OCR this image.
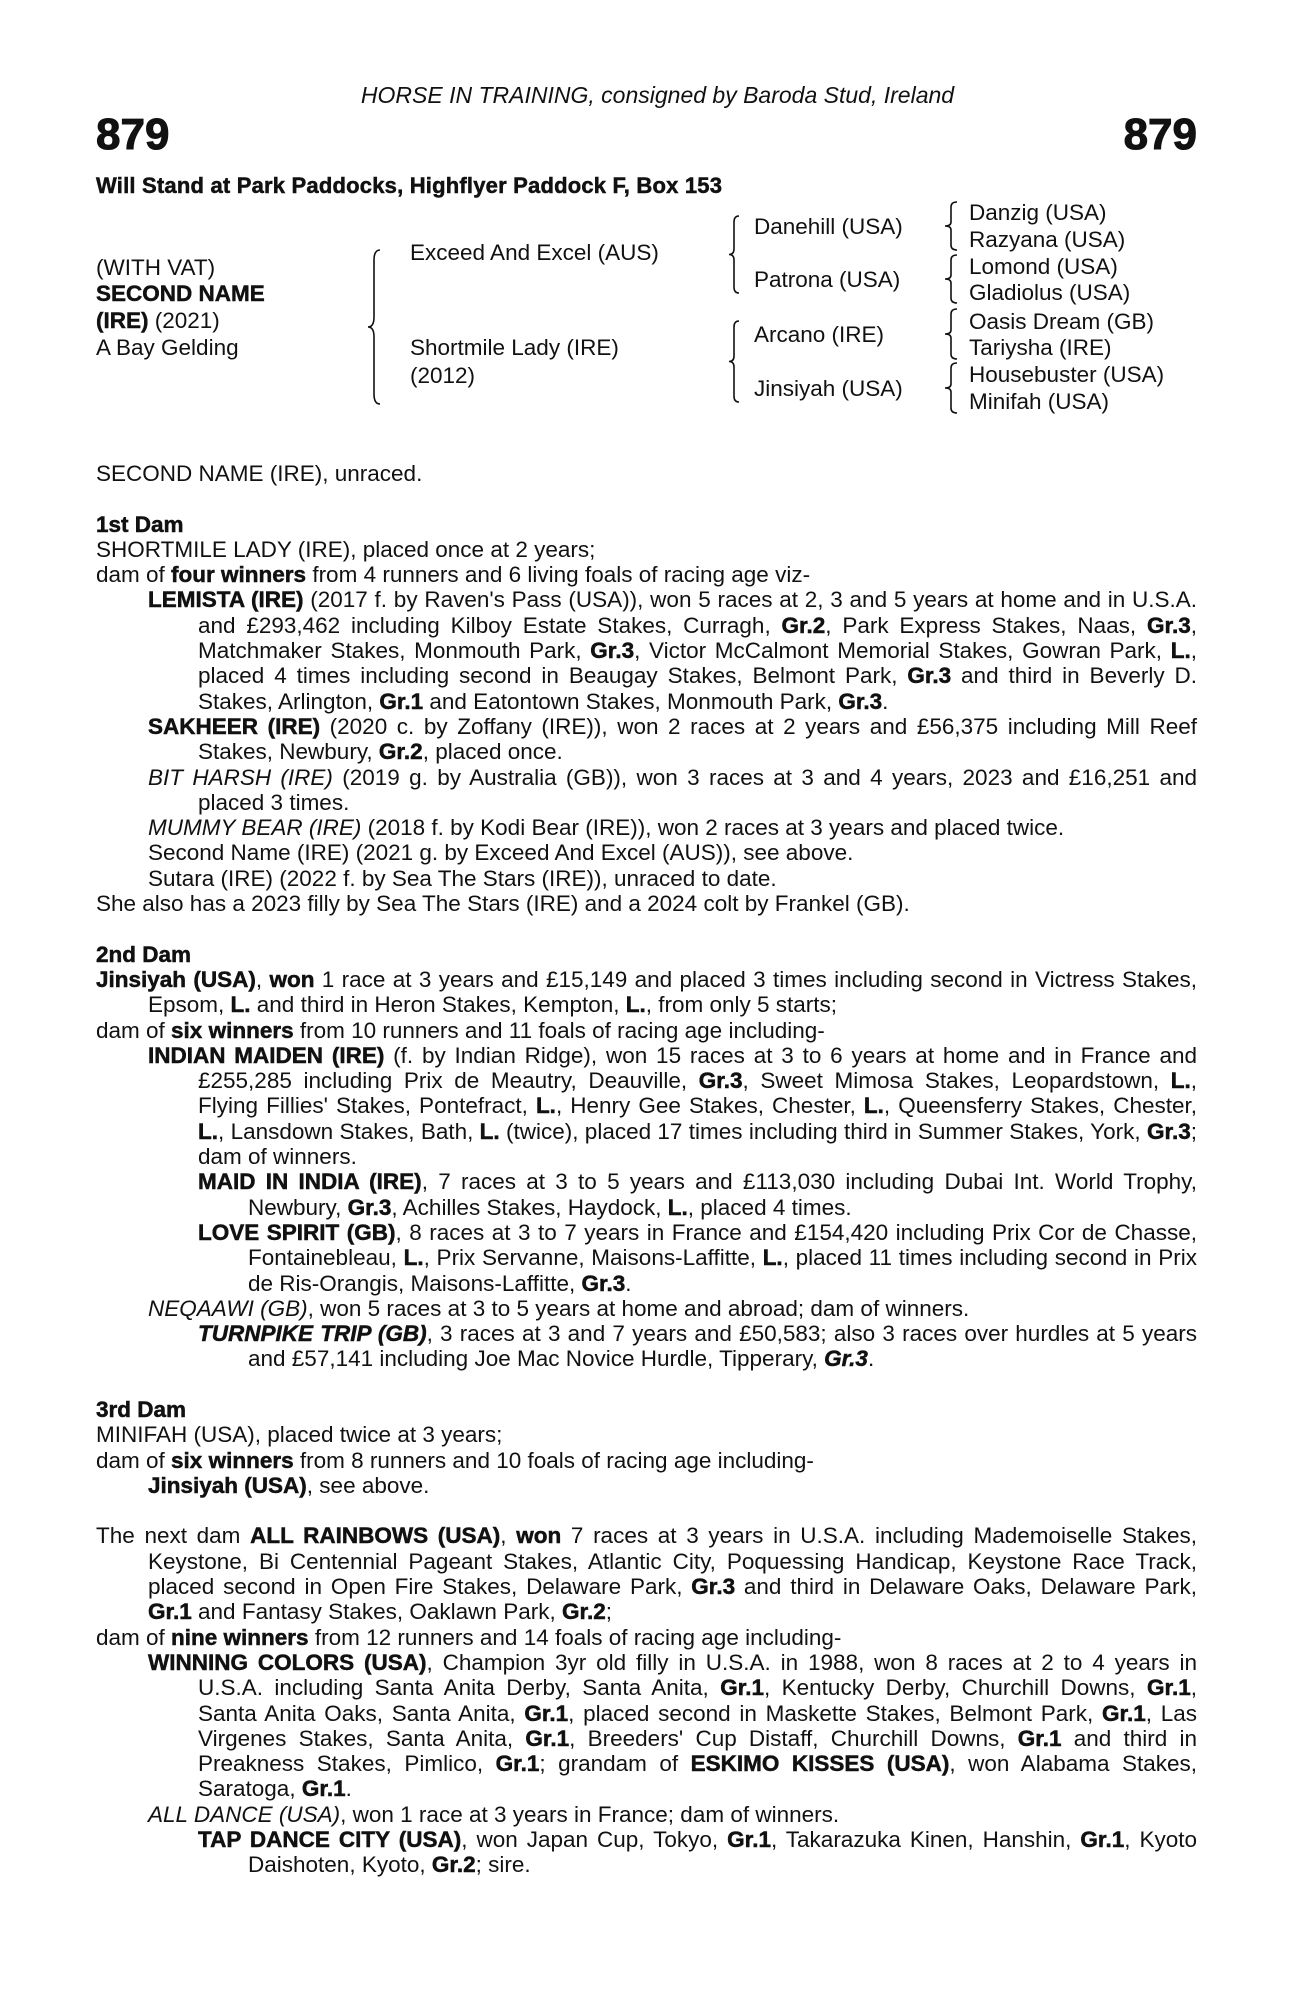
HORSE IN TRAINING, consigned by Baroda Stud, Ireland
879	879
Will Stand at Park Paddocks, Highflyer Paddock F, Box 153
(WITH VAT)
SECOND NAME
(IRE) (2021)
A Bay Gelding
Exceed And Excel (AUS)
Shortmile Lady (IRE)
(2012)
Danehill (USA)
Patrona (USA)
Arcano (IRE)
Jinsiyah (USA)
Danzig (USA)
Razyana (USA)
Lomond (USA)
Gladiolus (USA)
Oasis Dream (GB)
Tariysha (IRE)
Housebuster (USA)
Minifah (USA)
SECOND NAME (IRE), unraced.
1st Dam
SHORTMILE LADY (IRE), placed once at 2 years;
dam of four winners from 4 runners and 6 living foals of racing age viz-
LEMISTA (IRE) (2017 f. by Raven's Pass (USA)), won 5 races at 2, 3 and 5 years at home and in U.S.A. and £293,462 including Kilboy Estate Stakes, Curragh, Gr.2, Park Express Stakes, Naas, Gr.3, Matchmaker Stakes, Monmouth Park, Gr.3, Victor McCalmont Memorial Stakes, Gowran Park, L., placed 4 times including second in Beaugay Stakes, Belmont Park, Gr.3 and third in Beverly D. Stakes, Arlington, Gr.1 and Eatontown Stakes, Monmouth Park, Gr.3.
SAKHEER (IRE) (2020 c. by Zoffany (IRE)), won 2 races at 2 years and £56,375 including Mill Reef Stakes, Newbury, Gr.2, placed once.
BIT HARSH (IRE) (2019 g. by Australia (GB)), won 3 races at 3 and 4 years, 2023 and £16,251 and placed 3 times.
MUMMY BEAR (IRE) (2018 f. by Kodi Bear (IRE)), won 2 races at 3 years and placed twice.
Second Name (IRE) (2021 g. by Exceed And Excel (AUS)), see above.
Sutara (IRE) (2022 f. by Sea The Stars (IRE)), unraced to date.
She also has a 2023 filly by Sea The Stars (IRE) and a 2024 colt by Frankel (GB).
2nd Dam
Jinsiyah (USA), won 1 race at 3 years and £15,149 and placed 3 times including second in Victress Stakes, Epsom, L. and third in Heron Stakes, Kempton, L., from only 5 starts;
dam of six winners from 10 runners and 11 foals of racing age including-
INDIAN MAIDEN (IRE) (f. by Indian Ridge), won 15 races at 3 to 6 years at home and in France and £255,285 including Prix de Meautry, Deauville, Gr.3, Sweet Mimosa Stakes, Leopardstown, L., Flying Fillies' Stakes, Pontefract, L., Henry Gee Stakes, Chester, L., Queensferry Stakes, Chester, L., Lansdown Stakes, Bath, L. (twice), placed 17 times including third in Summer Stakes, York, Gr.3; dam of winners.
MAID IN INDIA (IRE), 7 races at 3 to 5 years and £113,030 including Dubai Int. World Trophy, Newbury, Gr.3, Achilles Stakes, Haydock, L., placed 4 times.
LOVE SPIRIT (GB), 8 races at 3 to 7 years in France and £154,420 including Prix Cor de Chasse, Fontainebleau, L., Prix Servanne, Maisons-Laffitte, L., placed 11 times including second in Prix de Ris-Orangis, Maisons-Laffitte, Gr.3.
NEQAAWI (GB), won 5 races at 3 to 5 years at home and abroad; dam of winners.
TURNPIKE TRIP (GB), 3 races at 3 and 7 years and £50,583; also 3 races over hurdles at 5 years and £57,141 including Joe Mac Novice Hurdle, Tipperary, Gr.3.
3rd Dam
MINIFAH (USA), placed twice at 3 years;
dam of six winners from 8 runners and 10 foals of racing age including-
Jinsiyah (USA), see above.
The next dam ALL RAINBOWS (USA), won 7 races at 3 years in U.S.A. including Mademoiselle Stakes, Keystone, Bi Centennial Pageant Stakes, Atlantic City, Poquessing Handicap, Keystone Race Track, placed second in Open Fire Stakes, Delaware Park, Gr.3 and third in Delaware Oaks, Delaware Park, Gr.1 and Fantasy Stakes, Oaklawn Park, Gr.2;
dam of nine winners from 12 runners and 14 foals of racing age including-
WINNING COLORS (USA), Champion 3yr old filly in U.S.A. in 1988, won 8 races at 2 to 4 years in U.S.A. including Santa Anita Derby, Santa Anita, Gr.1, Kentucky Derby, Churchill Downs, Gr.1, Santa Anita Oaks, Santa Anita, Gr.1, placed second in Maskette Stakes, Belmont Park, Gr.1, Las Virgenes Stakes, Santa Anita, Gr.1, Breeders' Cup Distaff, Churchill Downs, Gr.1 and third in Preakness Stakes, Pimlico, Gr.1; grandam of ESKIMO KISSES (USA), won Alabama Stakes, Saratoga, Gr.1.
ALL DANCE (USA), won 1 race at 3 years in France; dam of winners.
TAP DANCE CITY (USA), won Japan Cup, Tokyo, Gr.1, Takarazuka Kinen, Hanshin, Gr.1, Kyoto Daishoten, Kyoto, Gr.2; sire.
